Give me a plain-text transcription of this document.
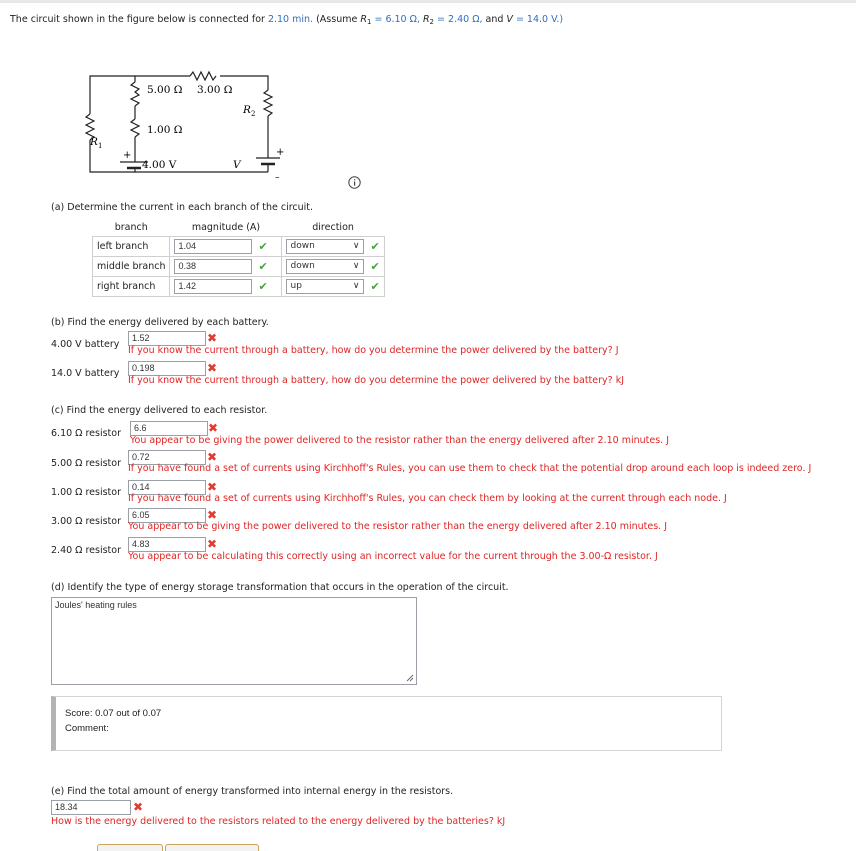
The circuit shown in the figure below is connected for 2.10 min. (Assume $R_1 = 6.10$ Ω, $R_2 = 2.40$ Ω, and V = 14.0 V.)
5.00 Ω 3.00 Ω
1.00 Ω
4.00 V
R 1
R 2
V
+	+
–
(a) Determine the current in each branch of the circuit.
branch	magnitude (A)	direction
left branch	1.04 ✔	down ∨ ✔

middle branch	0.38 ✔	down ∨ ✔

right branch	1.42 ✔	up ∨ ✔
(b) Find the energy delivered by each battery.
4.00 V battery
1.52	✖
If you know the current through a battery, how do you determine the power delivered by the battery? J
14.0 V battery	0.198	✖
If you know the current through a battery, how do you determine the power delivered by the battery? kJ
(c) Find the energy delivered to each resistor.
6.10 Ω resistor	6.6	✖
You appear to be giving the power delivered to the resistor rather than the energy delivered after 2.10 minutes. J
5.00 Ω resistor
0.72	✖
If you have found a set of currents using Kirchhoff's Rules, you can use them to check that the potential drop around each loop is indeed zero. J
1.00 Ω resistor	0.14	✖
If you have found a set of currents using Kirchhoff's Rules, you can check them by looking at the current through each node. J
3.00 Ω resistor
6.05	✖
You appear to be giving the power delivered to the resistor rather than the energy delivered after 2.10 minutes. J
2.40 Ω resistor
4.83	✖
You appear to be calculating this correctly using an incorrect value for the current through the 3.00-Ω resistor. J
(d) Identify the type of energy storage transformation that occurs in the operation of the circuit.
Joules' heating rules
Score: 0.07 out of 0.07
Comment:
(e) Find the total amount of energy transformed into internal energy in the resistors.
18.34	✖
How is the energy delivered to the resistors related to the energy delivered by the batteries? kJ
